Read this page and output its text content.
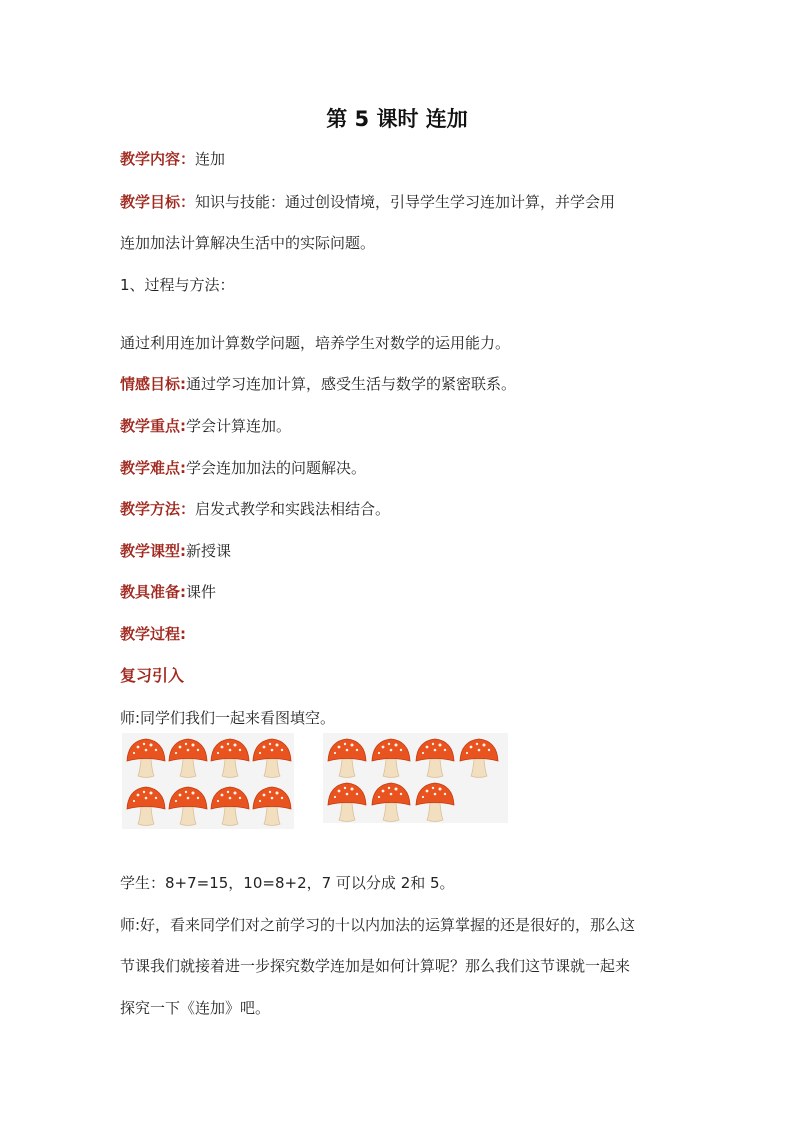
第 5 课时 连加
教学内容：连加
教学目标：知识与技能：通过创设情境，引导学生学习连加计算，并学会用
连加加法计算解决生活中的实际问题。
1、过程与方法：
通过利用连加计算数学问题，培养学生对数学的运用能力。
情感目标:通过学习连加计算，感受生活与数学的紧密联系。
教学重点:学会计算连加。
教学难点:学会连加加法的问题解决。
教学方法：启发式教学和实践法相结合。
教学课型:新授课
教具准备:课件
教学过程:
复习引入
师:同学们我们一起来看图填空。
学生：8+7=15，10=8+2，7 可以分成 2和 5。
师:好，看来同学们对之前学习的十以内加法的运算掌握的还是很好的，那么这
节课我们就接着进一步探究数学连加是如何计算呢？那么我们这节课就一起来
探究一下《连加》吧。
